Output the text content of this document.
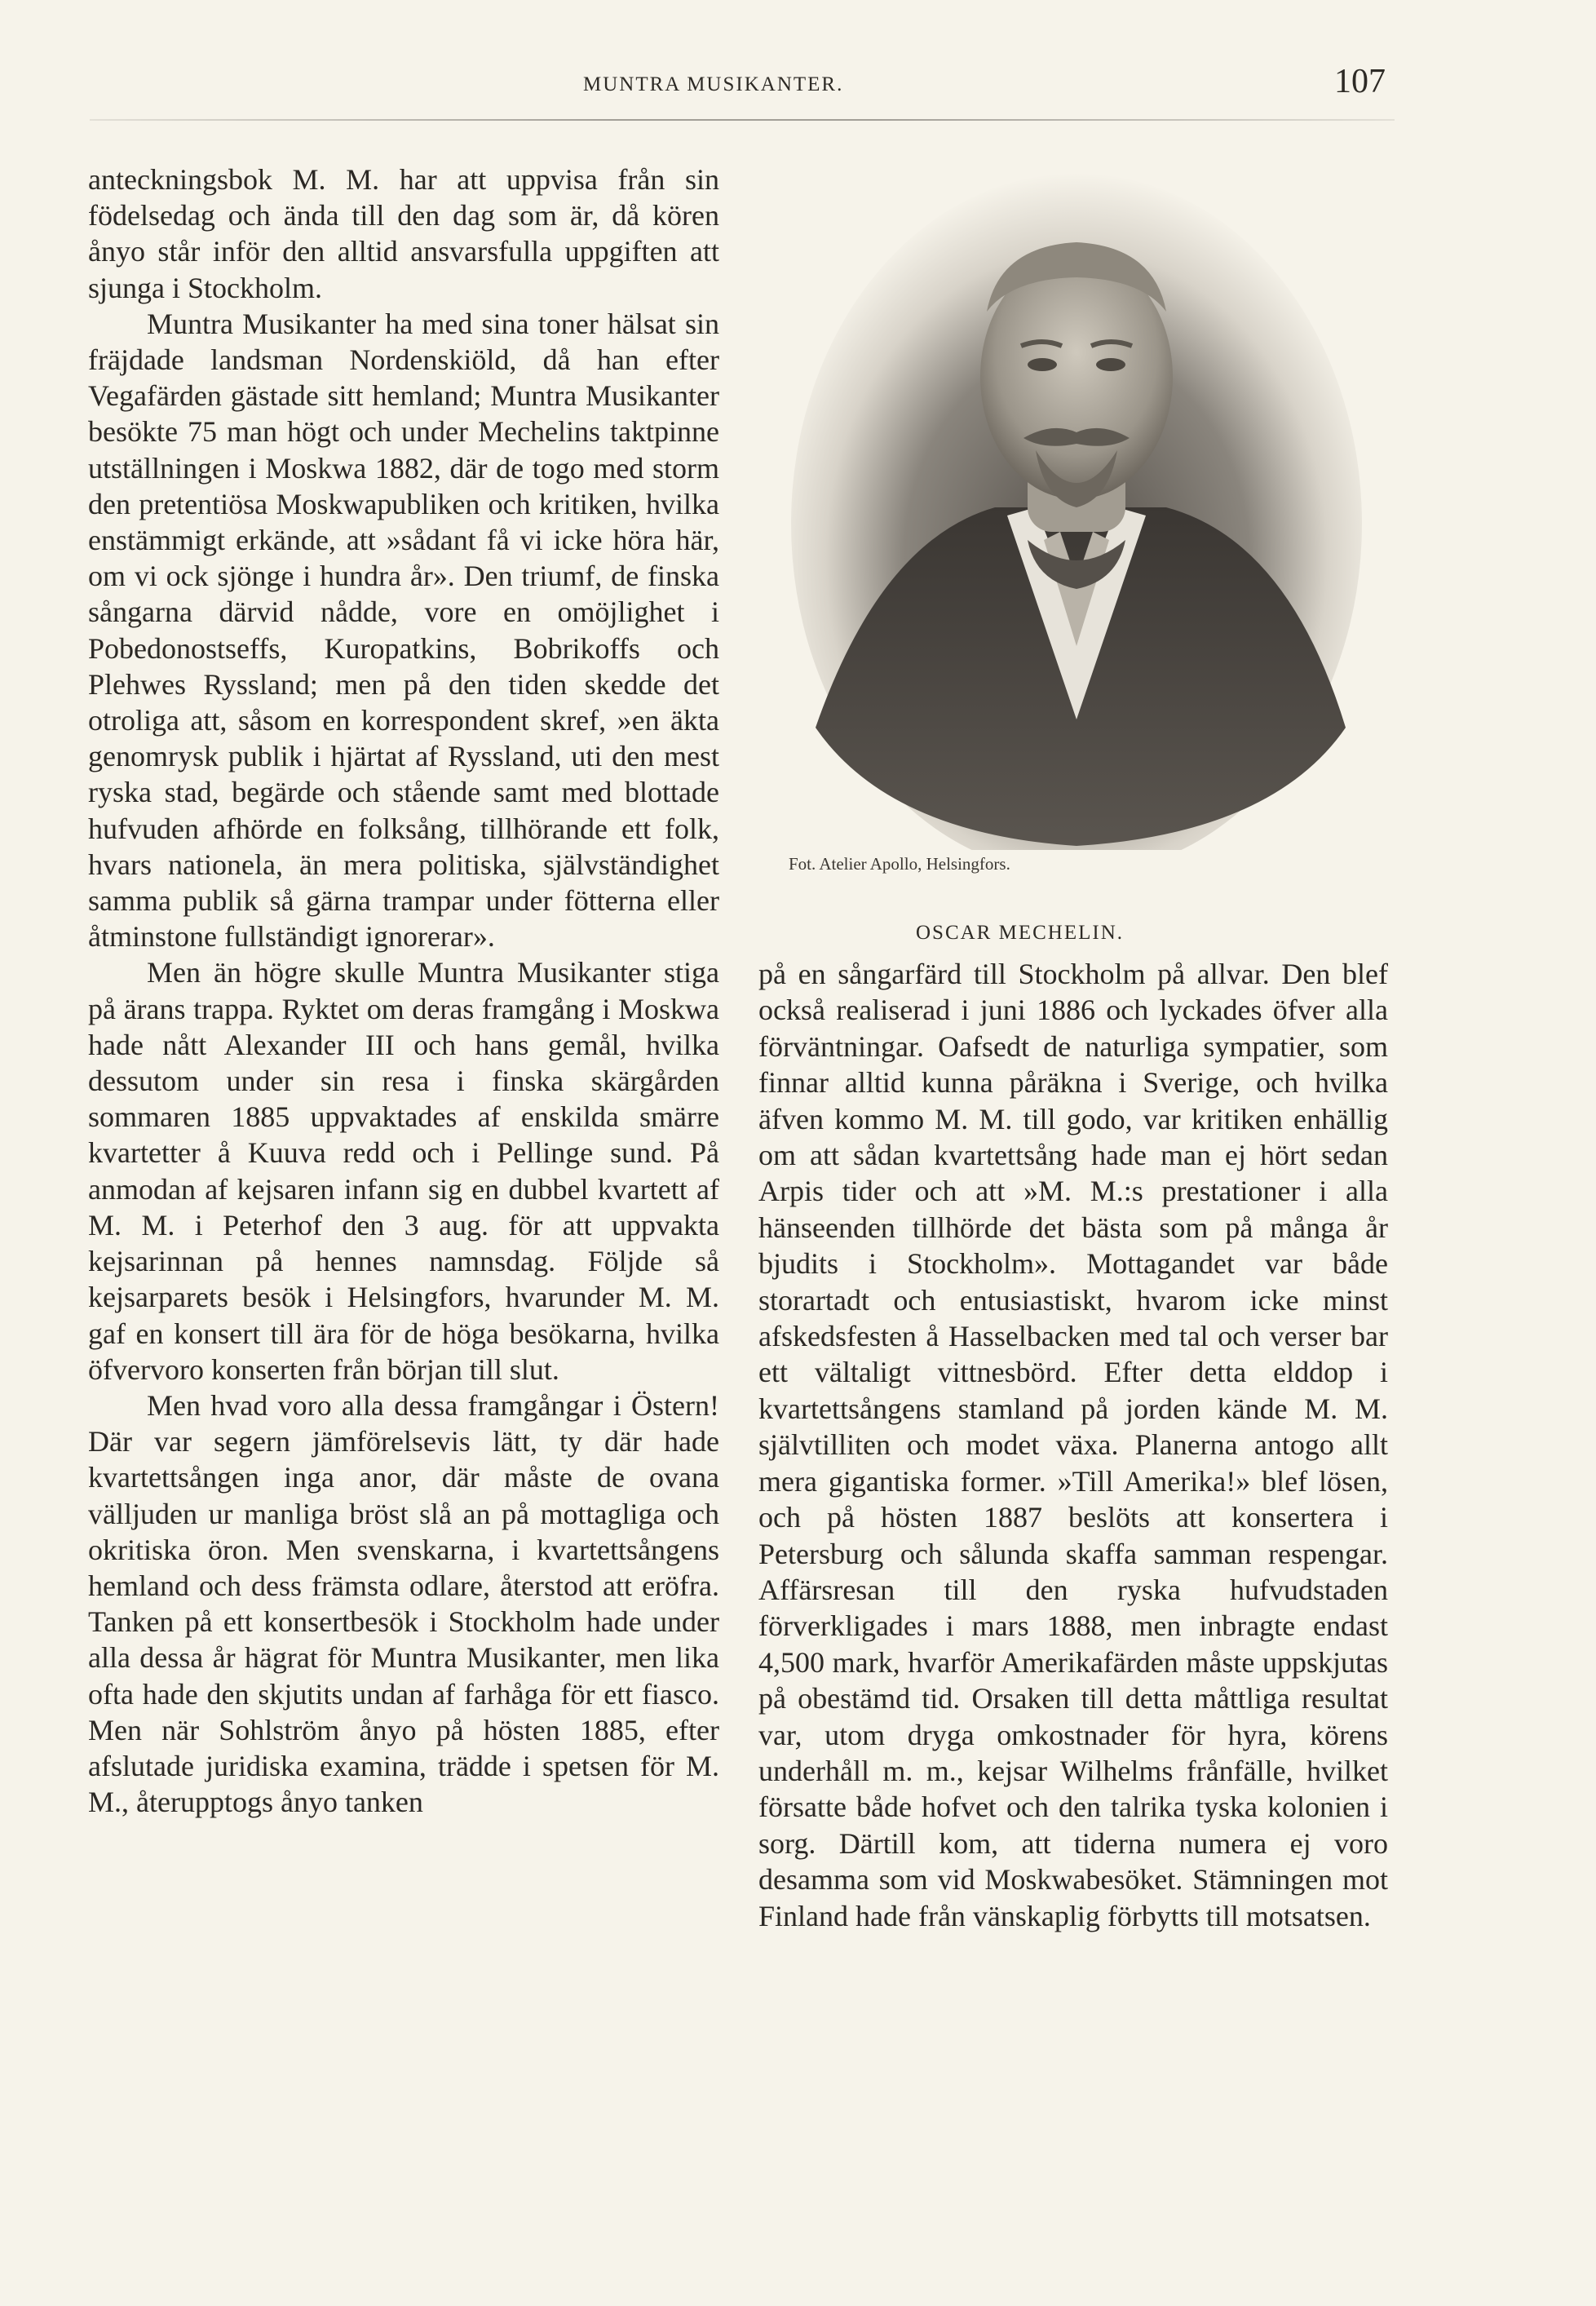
MUNTRA MUSIKANTER.	107

anteckningsbok M. M. har att uppvisa från sin födelsedag och ända till den dag som är, då kören ånyo står inför den alltid ansvarsfulla uppgiften att sjunga i Stockholm.

Muntra Musikanter ha med sina toner hälsat sin fräjdade landsman Nordenskiöld, då han efter Vegafärden gästade sitt hemland; Muntra Musikanter besökte 75 man högt och under Mechelins taktpinne utställningen i Moskwa 1882, där de togo med storm den pretentiösa Moskwapubliken och kritiken, hvilka enstämmigt erkände, att »sådant få vi icke höra här, om vi ock sjönge i hundra år». Den triumf, de finska sångarna därvid nådde, vore en omöjlighet i Pobedonostseffs, Kuropatkins, Bobrikoffs och Plehwes Ryssland; men på den tiden skedde det otroliga att, såsom en korrespondent skref, »en äkta genomrysk publik i hjärtat af Ryssland, uti den mest ryska stad, begärde och stående samt med blottade hufvuden afhörde en folksång, tillhörande ett folk, hvars nationela, än mera politiska, självständighet samma publik så gärna trampar under fötterna eller åtminstone fullständigt ignorerar».

Men än högre skulle Muntra Musikanter stiga på ärans trappa. Ryktet om deras framgång i Moskwa hade nått Alexander III och hans gemål, hvilka dessutom under sin resa i finska skärgården sommaren 1885 uppvaktades af enskilda smärre kvartetter å Kuuva redd och i Pellinge sund. På anmodan af kejsaren infann sig en dubbel kvartett af M. M. i Peterhof den 3 aug. för att uppvakta kejsarinnan på hennes namnsdag. Följde så kejsarparets besök i Helsingfors, hvarunder M. M. gaf en konsert till ära för de höga besökarna, hvilka öfvervoro konserten från början till slut.

Men hvad voro alla dessa framgångar i Östern! Där var segern jämförelsevis lätt, ty där hade kvartettsången inga anor, där måste de ovana välljuden ur manliga bröst slå an på mottagliga och okritiska öron. Men svenskarna, i kvartettsångens hemland och dess främsta odlare, återstod att eröfra. Tanken på ett konsertbesök i Stockholm hade under alla dessa år hägrat för Muntra Musikanter, men lika ofta hade den skjutits undan af farhåga för ett fiasco. Men när Sohlström ånyo på hösten 1885, efter afslutade juridiska examina, trädde i spetsen för M. M., återupptogs ånyo tanken

Fot. Atelier Apollo, Helsingfors.
OSCAR MECHELIN.

på en sångarfärd till Stockholm på allvar. Den blef också realiserad i juni 1886 och lyckades öfver alla förväntningar. Oafsedt de naturliga sympatier, som finnar alltid kunna påräkna i Sverige, och hvilka äfven kommo M. M. till godo, var kritiken enhällig om att sådan kvartettsång hade man ej hört sedan Arpis tider och att »M. M.:s prestationer i alla hänseenden tillhörde det bästa som på många år bjudits i Stockholm». Mottagandet var både storartadt och entusiastiskt, hvarom icke minst afskedsfesten å Hasselbacken med tal och verser bar ett vältaligt vittnesbörd. Efter detta elddop i kvartettsångens stamland på jorden kände M. M. självtilliten och modet växa. Planerna antogo allt mera gigantiska former. »Till Amerika!» blef lösen, och på hösten 1887 beslöts att konsertera i Petersburg och sålunda skaffa samman respengar. Affärsresan till den ryska hufvudstaden förverkligades i mars 1888, men inbragte endast 4,500 mark, hvarför Amerikafärden måste uppskjutas på obestämd tid. Orsaken till detta måttliga resultat var, utom dryga omkostnader för hyra, körens underhåll m. m., kejsar Wilhelms frånfälle, hvilket försatte både hofvet och den talrika tyska kolonien i sorg. Därtill kom, att tiderna numera ej voro desamma som vid Moskwabesöket. Stämningen mot Finland hade från vänskaplig förbytts till motsatsen.
